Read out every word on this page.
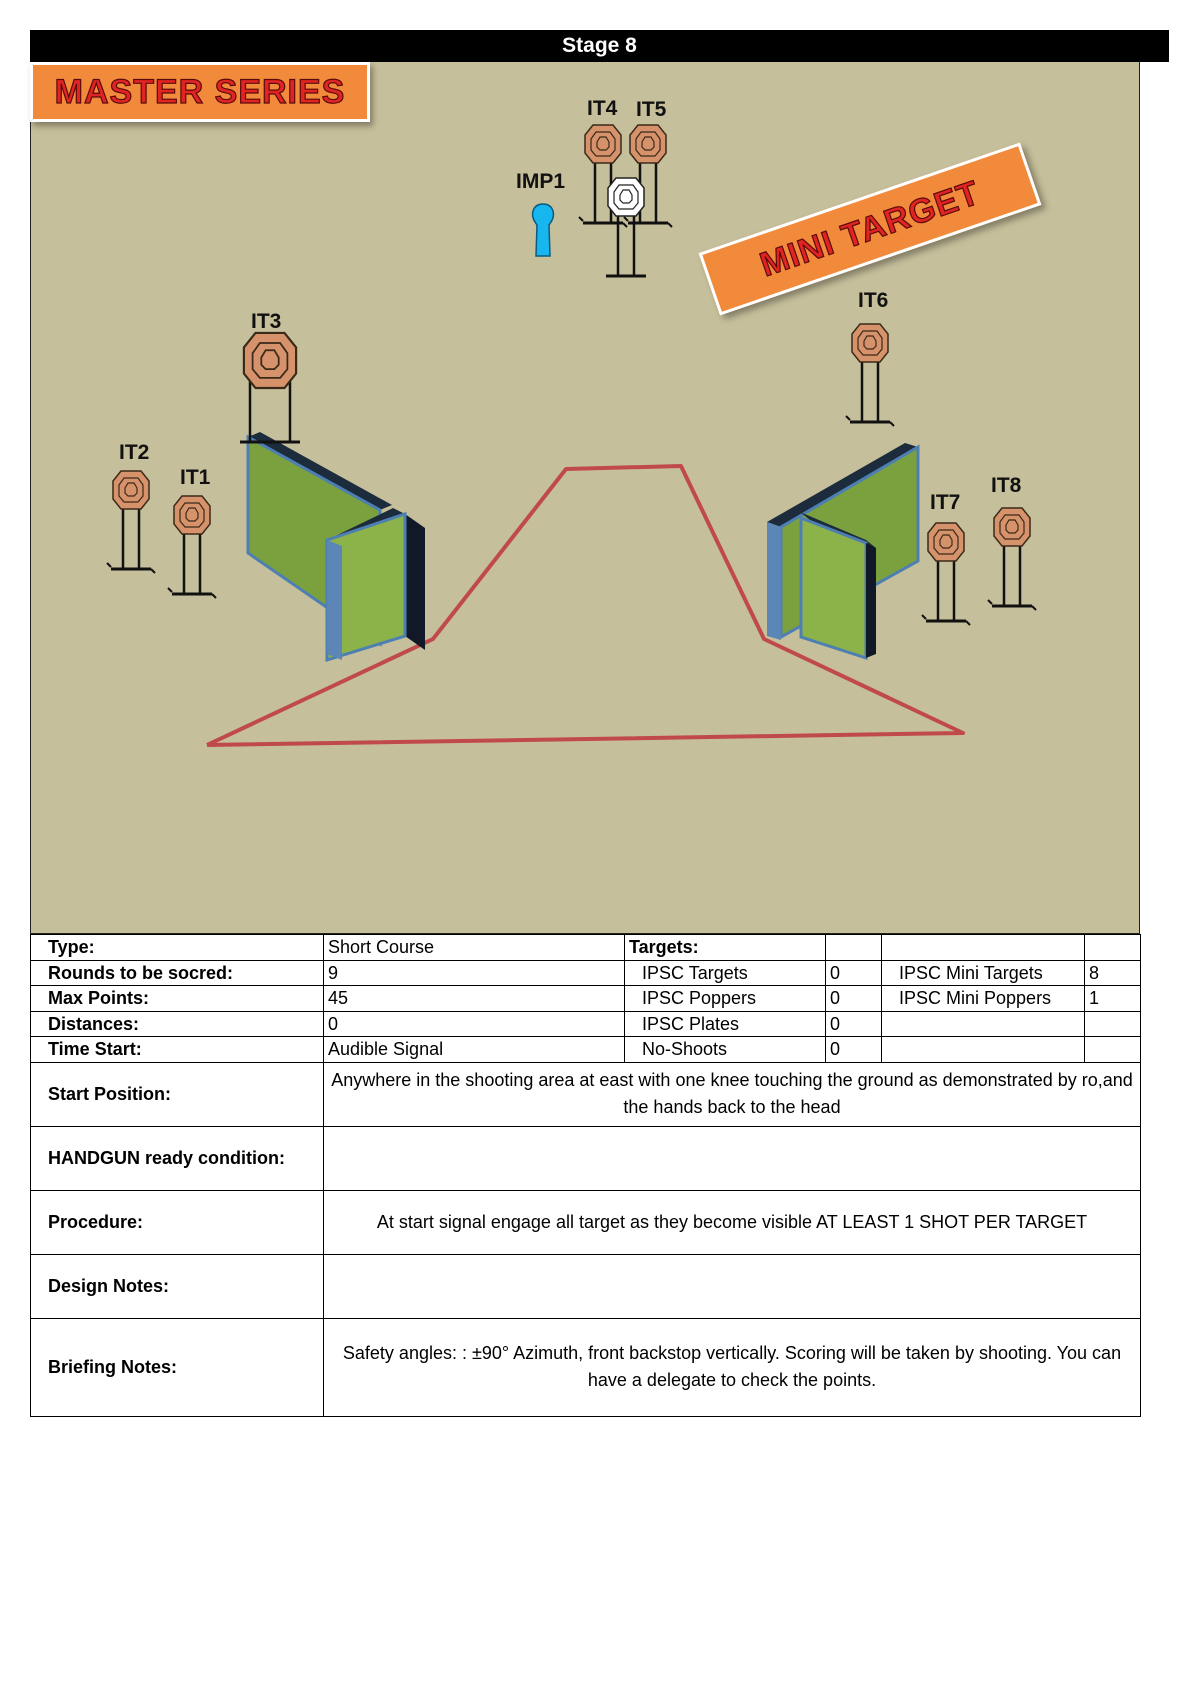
Stage 8
IT1
IT2
IT3
IT4 IT5
IT6
IT7
IT8
IMP1
MASTER SERIES
MINI TARGET
Type:	Short Course	Targets:			
Rounds to be socred:	9	IPSC Targets	0	IPSC Mini Targets	8
Max Points:	45	IPSC Poppers	0	IPSC Mini Poppers	1
Distances:	0	IPSC Plates	0		
Time Start:	Audible Signal	No-Shoots	0		
Start Position:	Anywhere in the shooting area at east with one knee touching the ground as demonstrated by ro,and the hands back to the head				
HANDGUN ready condition:					
Procedure:	At start signal engage all target as they become visible AT LEAST 1 SHOT PER TARGET				
Design Notes:					
Briefing Notes:	Safety angles: : ±90° Azimuth, front backstop vertically. Scoring will be taken by shooting. You can have a delegate to check the points.				
